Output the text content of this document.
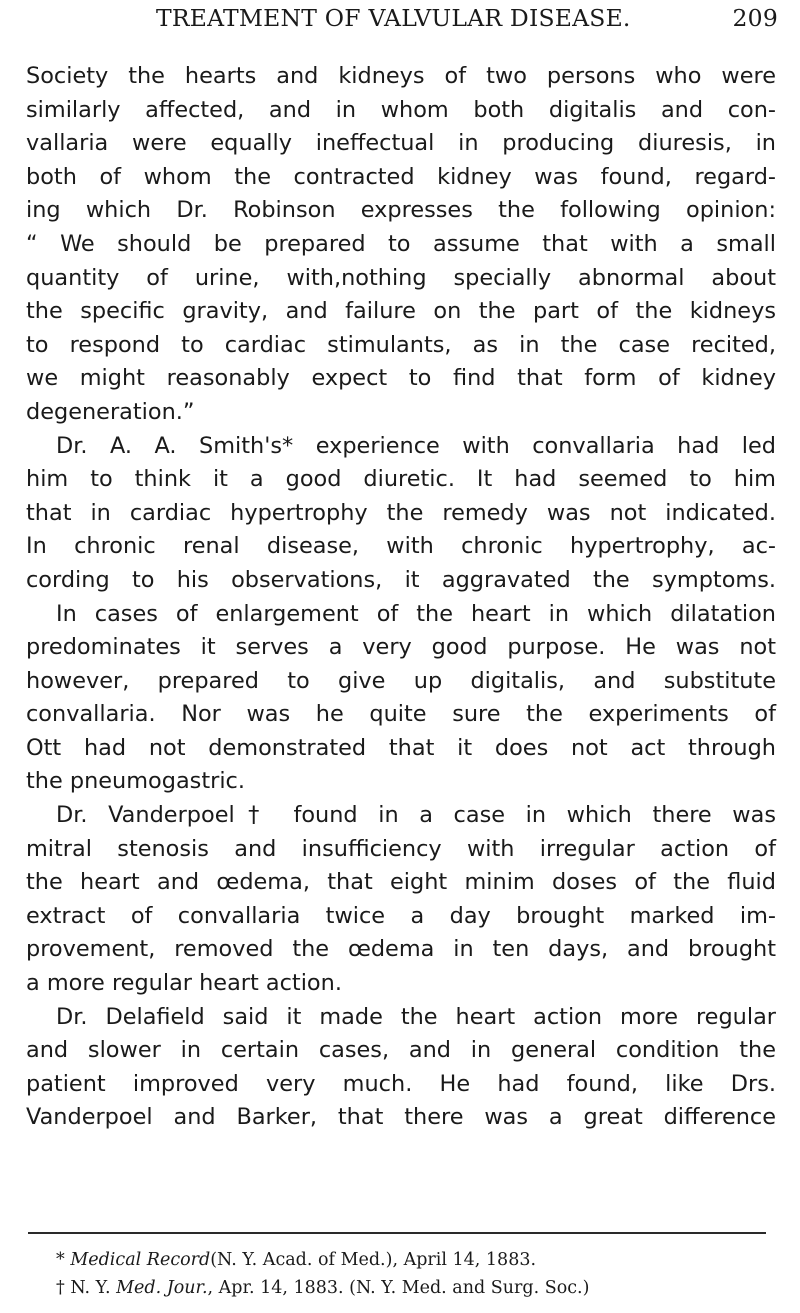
TREATMENT OF VALVULAR DISEASE.	209
Society the hearts and kidneys of two persons who were
similarly affected, and in whom both digitalis and con-
vallaria were equally ineffectual in producing diuresis, in
both of whom the contracted kidney was found, regard-
ing which Dr. Robinson expresses the following opinion:
“ We should be prepared to assume that with a small
quantity of urine, with,nothing specially abnormal about
the specific gravity, and failure on the part of the kidneys
to respond to cardiac stimulants, as in the case recited,
we might reasonably expect to find that form of kidney
degeneration.”
Dr. A. A. Smith's* experience with convallaria had led
him to think it a good diuretic. It had seemed to him
that in cardiac hypertrophy the remedy was not indicated.
In chronic renal disease, with chronic hypertrophy, ac-
cording to his observations, it aggravated the symptoms.
In cases of enlargement of the heart in which dilatation
predominates it serves a very good purpose. He was not
however, prepared to give up digitalis, and substitute
convallaria. Nor was he quite sure the experiments of
Ott had not demonstrated that it does not act through
the pneumogastric.
Dr. Vanderpoel† found in a case in which there was
mitral stenosis and insufficiency with irregular action of
the heart and œdema, that eight minim doses of the fluid
extract of convallaria twice a day brought marked im-
provement, removed the œdema in ten days, and brought
a more regular heart action.
Dr. Delafield said it made the heart action more regular
and slower in certain cases, and in general condition the
patient improved very much. He had found, like Drs.
Vanderpoel and Barker, that there was a great difference
* Medical Record(N. Y. Acad. of Med.), April 14, 1883.
† N. Y. Med. Jour., Apr. 14, 1883. (N. Y. Med. and Surg. Soc.)
